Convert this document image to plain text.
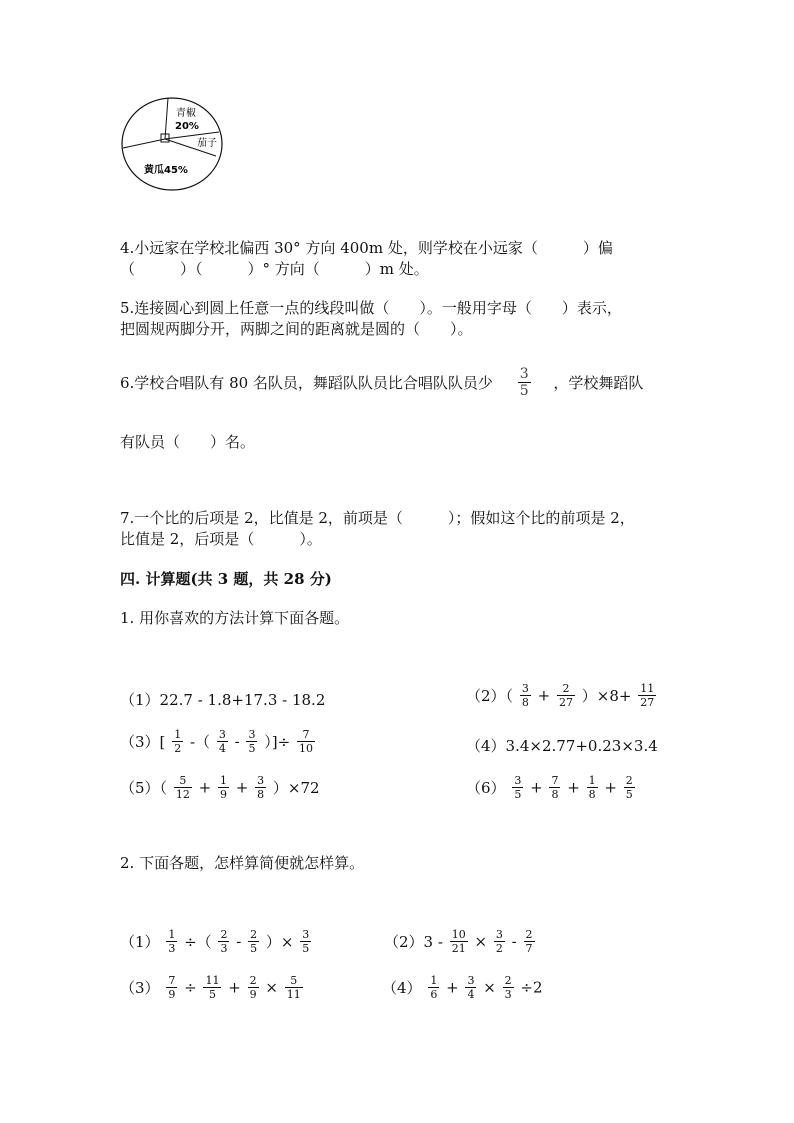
青椒
20%
茄子
黄瓜45%
4.小远家在学校北偏西 30° 方向 400m 处，则学校在小远家（　　　）偏
（　　　）（　　　）° 方向（　　　）m 处。
5.连接圆心到圆上任意一点的线段叫做（　　）。一般用字母（　　）表示，
把圆规两脚分开，两脚之间的距离就是圆的（　　）。
6.学校合唱队有 80 名队员，舞蹈队队员比合唱队队员少 $\frac{3}{5}$ ，学校舞蹈队
有队员（　　）名。
7.一个比的后项是 2，比值是 2，前项是（　　　）；假如这个比的前项是 2，
比值是 2，后项是（　　　）。
四. 计算题(共 3 题，共 28 分)
1. 用你喜欢的方法计算下面各题。
（1）22.7 - 1.8+17.3 - 18.2	$(2)( \frac{3}{8} + \frac{2}{27} )\times 8+ \frac{11}{27}$
$(3)[ \frac{1}{2}$ -（ $\frac{3}{4} - \frac{3}{5}$ ）]÷ $\frac{7}{10}$	（4）3.4×2.77+0.23×3.4
$(5)( \frac{5}{12} + \frac{1}{9} + \frac{3}{8} )\times 72$	$(6) \frac{3}{5} + \frac{7}{8} + \frac{1}{8} + \frac{2}{5}$
2. 下面各题，怎样算简便就怎样算。
$(1) \frac{1}{3}$ ÷（ $\frac{2}{3} - \frac{2}{5}$ ）× $\frac{3}{5}$	$(2)3 - \frac{10}{21} \times \frac{3}{2} - \frac{2}{7}$
$(3) \frac{7}{9} \div \frac{11}{5} + \frac{2}{9} \times \frac{5}{11}$	$(4) \frac{1}{6} + \frac{3}{4} \times \frac{2}{3} \div 2$
